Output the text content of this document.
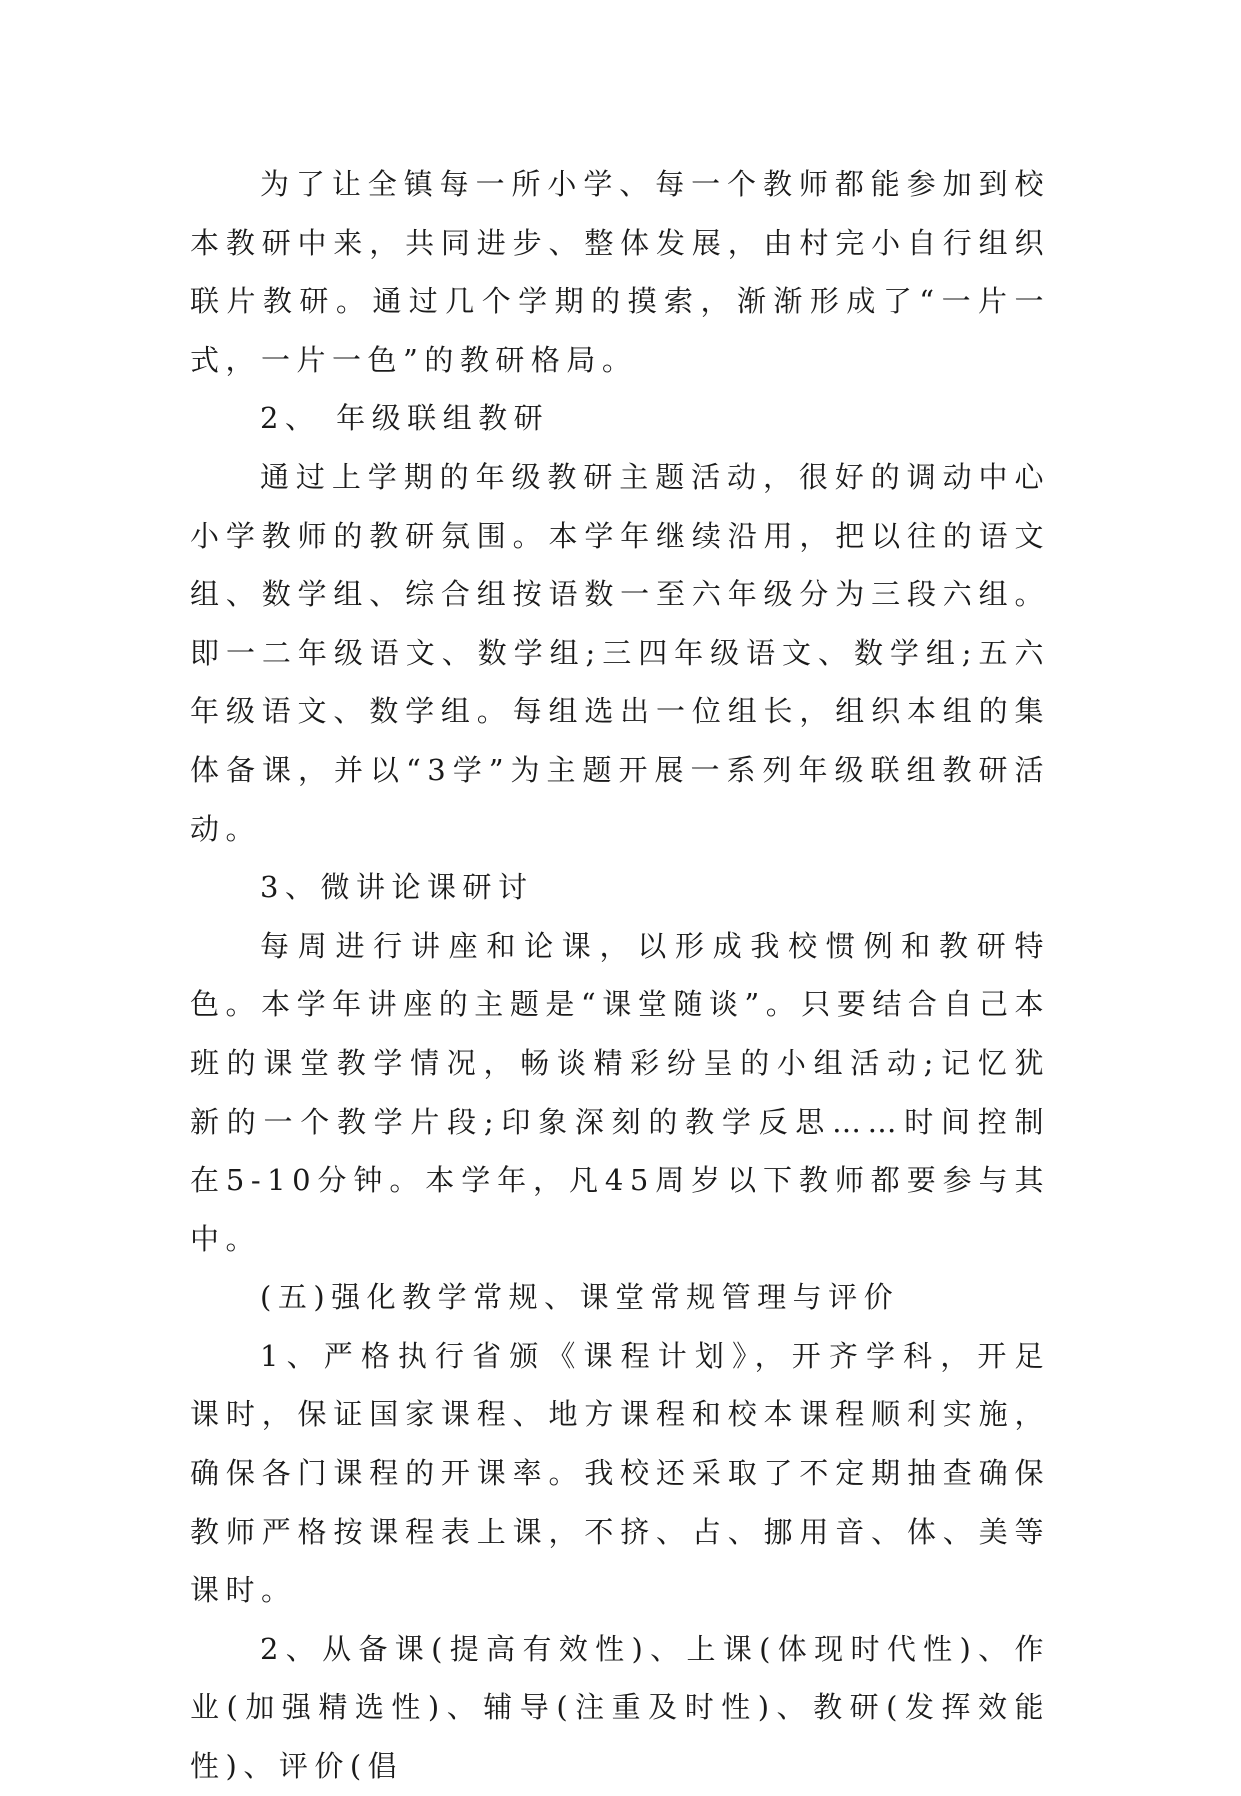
为了让全镇每一所小学、每一个教师都能参加到校本教研中来，共同进步、整体发展，由村完小自行组织联片教研。通过几个学期的摸索，渐渐形成了“一片一式，一片一色”的教研格局。

2、 年级联组教研

通过上学期的年级教研主题活动，很好的调动中心小学教师的教研氛围。本学年继续沿用，把以往的语文组、数学组、综合组按语数一至六年级分为三段六组。即一二年级语文、数学组;三四年级语文、数学组;五六年级语文、数学组。每组选出一位组长，组织本组的集体备课，并以“3学”为主题开展一系列年级联组教研活动。

3、微讲论课研讨

每周进行讲座和论课，以形成我校惯例和教研特色。本学年讲座的主题是“课堂随谈”。只要结合自己本班的课堂教学情况，畅谈精彩纷呈的小组活动;记忆犹新的一个教学片段;印象深刻的教学反思……时间控制在5-10分钟。本学年，凡45周岁以下教师都要参与其中。

(五)强化教学常规、课堂常规管理与评价

1、严格执行省颁《课程计划》，开齐学科，开足课时，保证国家课程、地方课程和校本课程顺利实施，确保各门课程的开课率。我校还采取了不定期抽查确保教师严格按课程表上课，不挤、占、挪用音、体、美等课时。

2、从备课(提高有效性)、上课(体现时代性)、作业(加强精选性)、辅导(注重及时性)、教研(发挥效能性)、评价(倡
